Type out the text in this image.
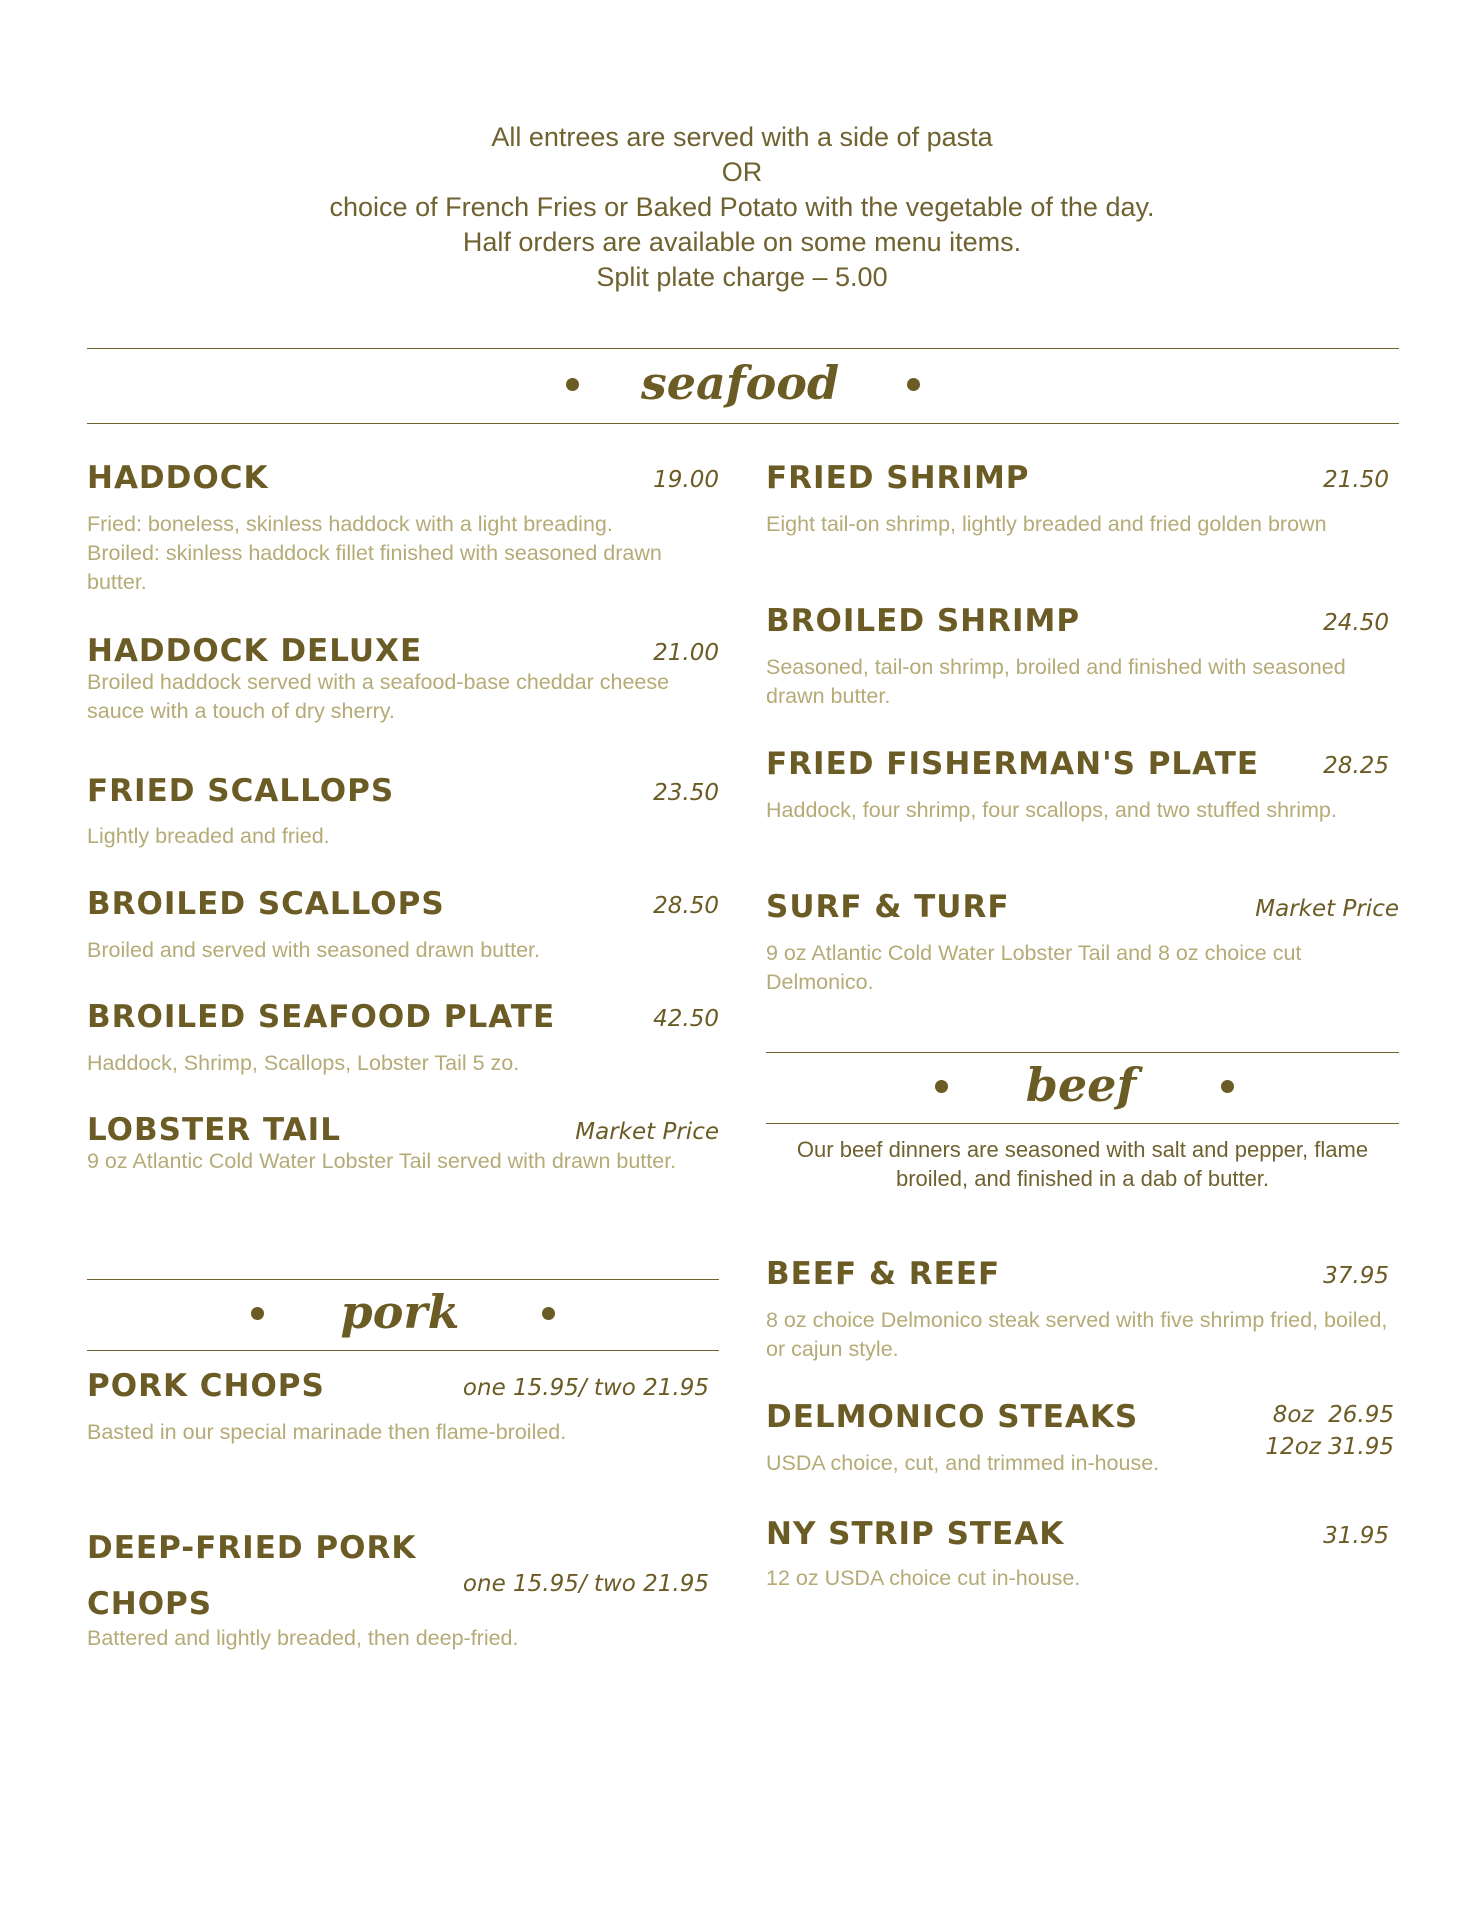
All entrees are served with a side of pasta
OR
choice of French Fries or Baked Potato with the vegetable of the day.
Half orders are available on some menu items.
Split plate charge – 5.00
seafood
HADDOCK	19.00
Fried: boneless, skinless haddock with a light breading. Broiled: skinless haddock fillet finished with seasoned drawn butter.
HADDOCK DELUXE	21.00
Broiled haddock served with a seafood-base cheddar cheese sauce with a touch of dry sherry.
FRIED SCALLOPS	23.50
Lightly breaded and fried.
BROILED SCALLOPS	28.50
Broiled and served with seasoned drawn butter.
BROILED SEAFOOD PLATE	42.50
Haddock, Shrimp, Scallops, Lobster Tail 5 zo.
LOBSTER TAIL	Market Price
9 oz Atlantic Cold Water Lobster Tail served with drawn butter.
FRIED SHRIMP	21.50
Eight tail-on shrimp, lightly breaded and fried golden brown
BROILED SHRIMP	24.50
Seasoned, tail-on shrimp, broiled and finished with seasoned drawn butter.
FRIED FISHERMAN'S PLATE	28.25
Haddock, four shrimp, four scallops, and two stuffed shrimp.
SURF & TURF	Market Price
9 oz Atlantic Cold Water Lobster Tail and 8 oz choice cut Delmonico.
beef
Our beef dinners are seasoned with salt and pepper, flame broiled, and finished in a dab of butter.
BEEF & REEF	37.95
8 oz choice Delmonico steak served with five shrimp fried, boiled, or cajun style.
DELMONICO STEAKS	8oz  26.95
12oz 31.95
USDA choice, cut, and trimmed in-house.
NY STRIP STEAK	31.95
12 oz USDA choice cut in-house.
pork
PORK CHOPS	one 15.95/ two 21.95
Basted in our special marinade then flame-broiled.
DEEP-FRIED PORK CHOPS
one 15.95/ two 21.95
Battered and lightly breaded, then deep-fried.
